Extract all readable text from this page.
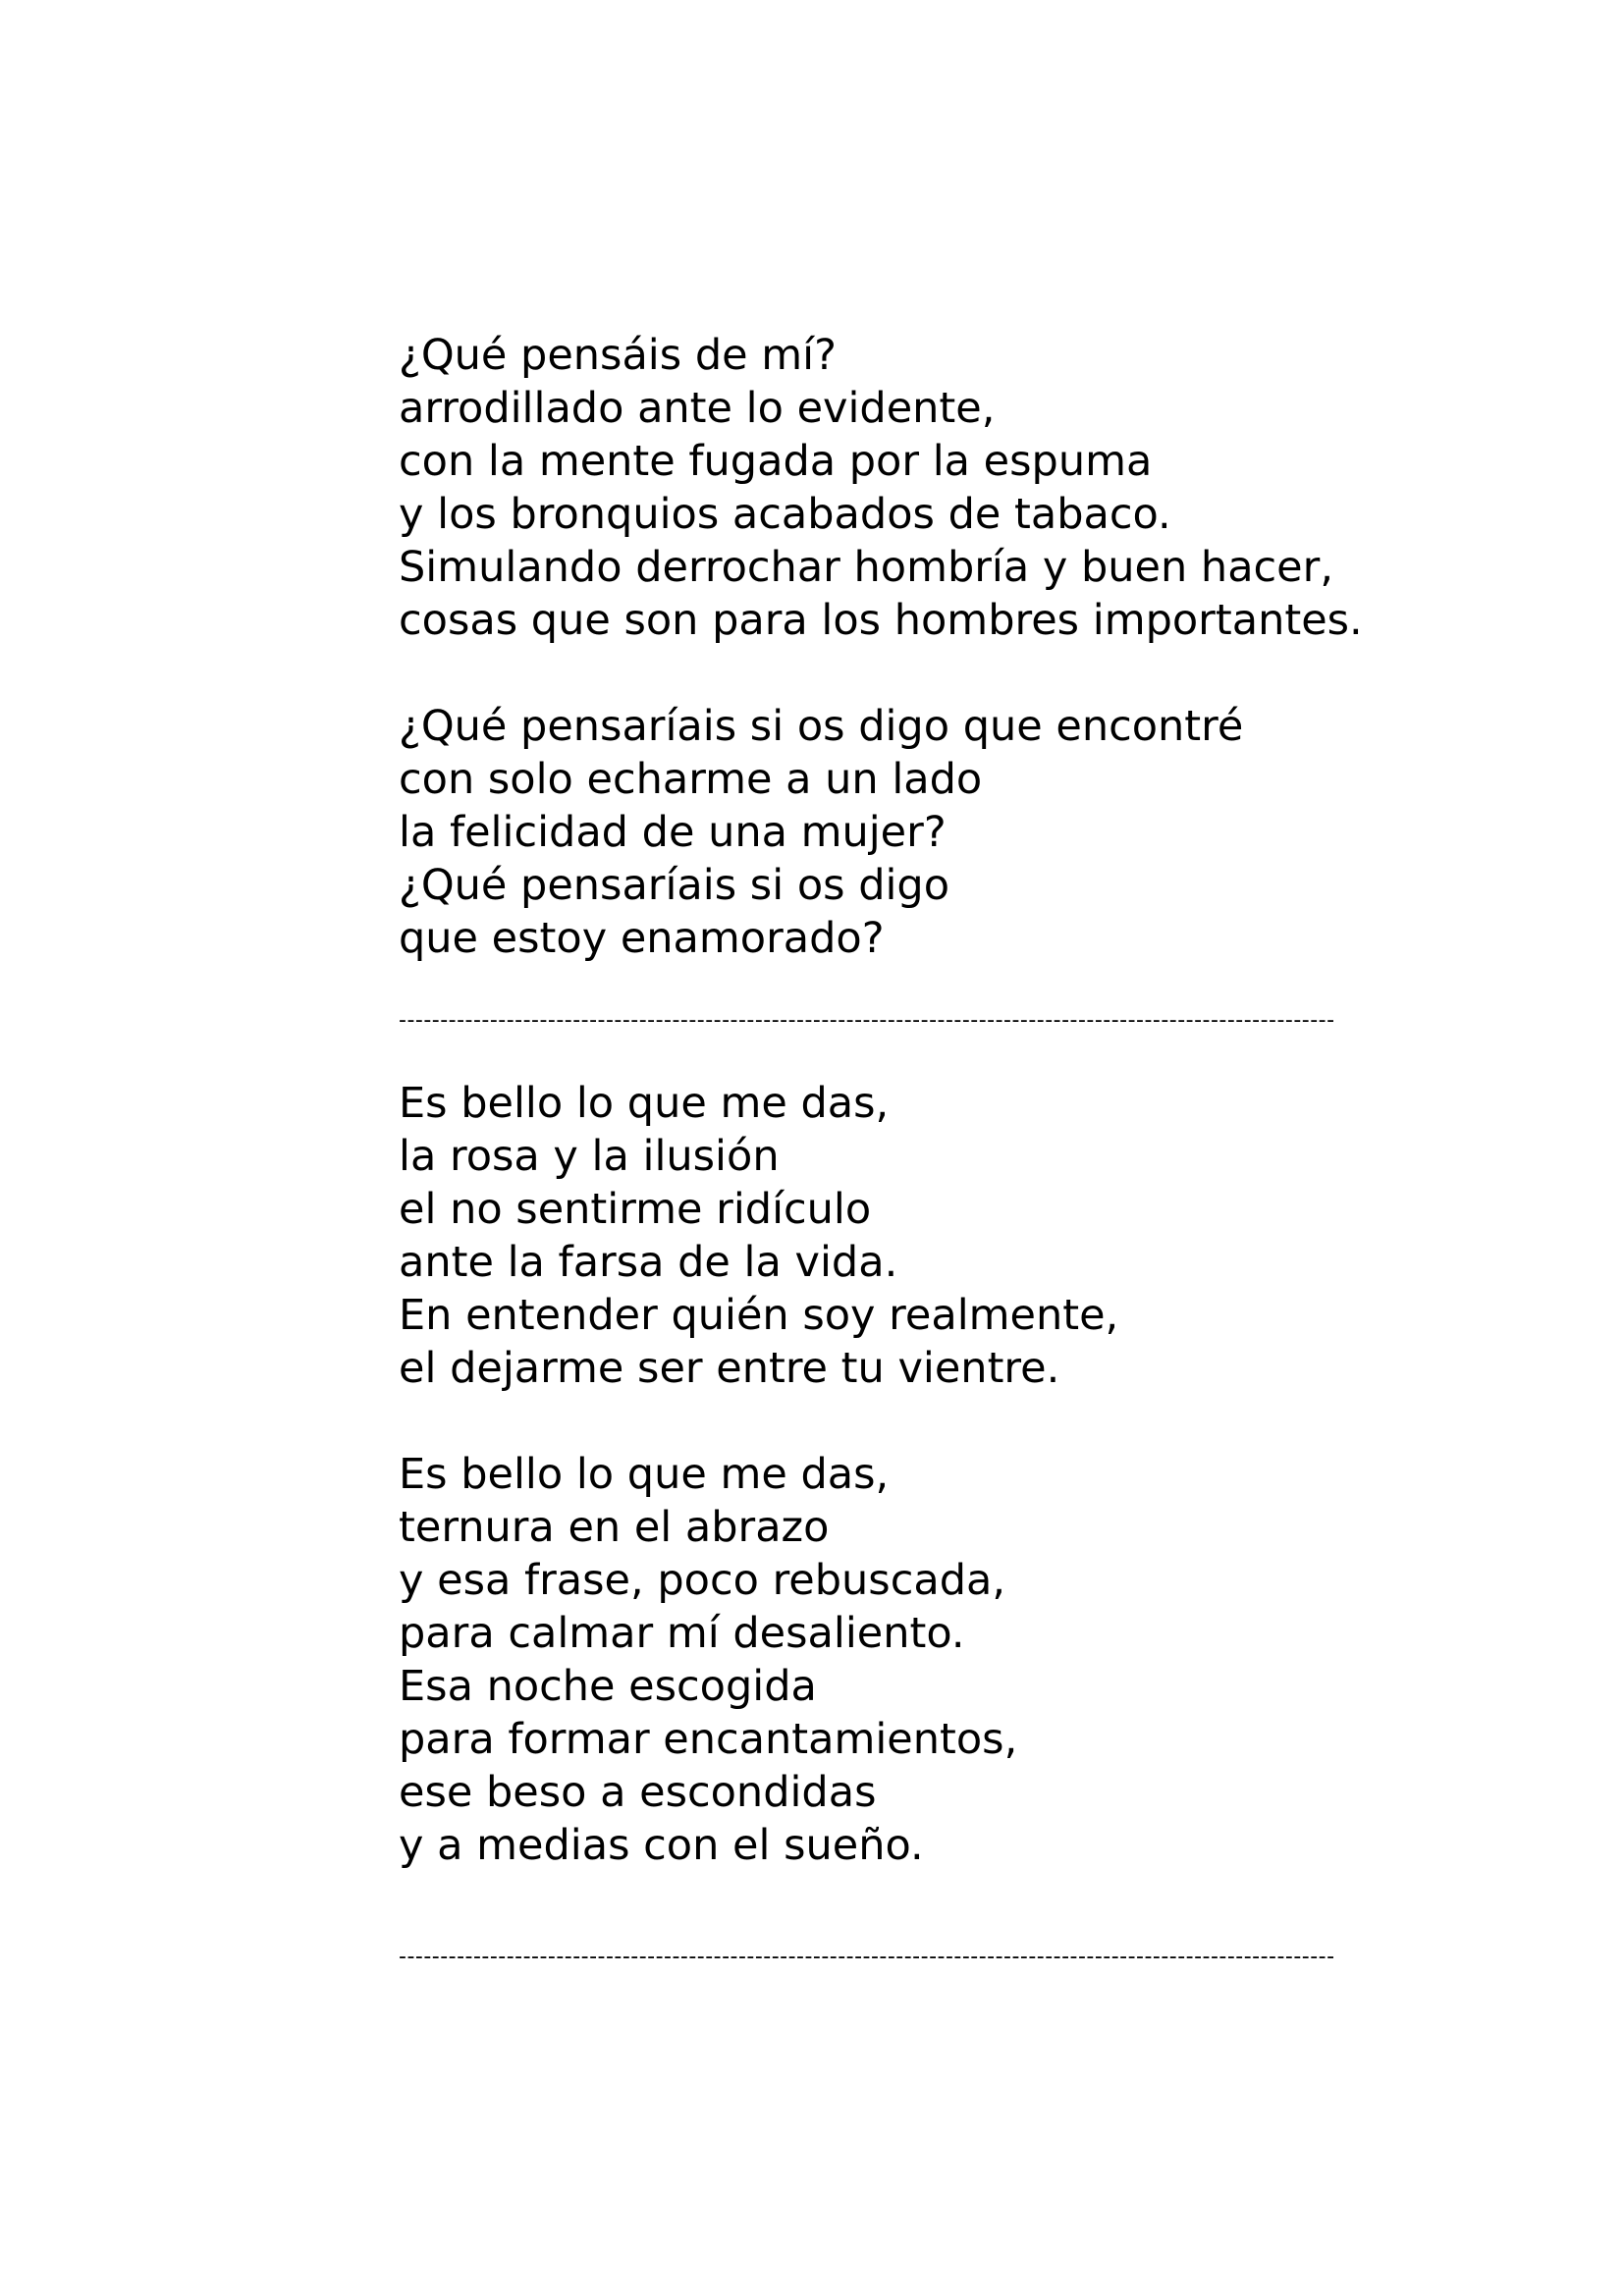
¿Qué pensáis de mí?
arrodillado ante lo evidente,
con la mente fugada por la espuma
y los bronquios acabados de tabaco.
Simulando derrochar hombría y buen hacer,
cosas que son para los hombres importantes.
¿Qué pensaríais si os digo que encontré
con solo echarme a un lado
la felicidad de una mujer?
¿Qué pensaríais si os digo
que estoy enamorado?
-----------------------------------------------------------------------------------------------------------------
Es bello lo que me das,
la rosa y la ilusión
el no sentirme ridículo
ante la farsa de la vida.
En entender quién soy realmente,
el dejarme ser entre tu vientre.
Es bello lo que me das,
ternura en el abrazo
y esa frase, poco rebuscada,
para calmar mí desaliento.
Esa noche escogida
para formar encantamientos,
ese beso a escondidas
y a medias con el sueño.
-----------------------------------------------------------------------------------------------------------------
